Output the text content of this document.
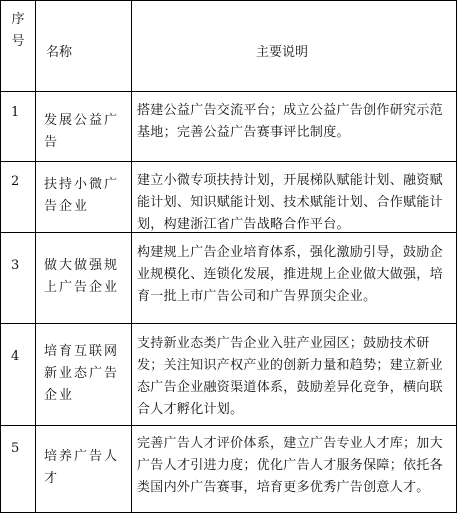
序
号
名称	主要说明
1
发展公益广告
搭建公益广告交流平台；成立公益广告创作研究示范基地；完善公益广告赛事评比制度。
2 扶持小微广告企业
建立小微专项扶持计划，开展梯队赋能计划、融资赋能计划、知识赋能计划、技术赋能计划、合作赋能计划，构建浙江省广告战略合作平台。
3 做大做强规上广告企业
构建规上广告企业培育体系，强化激励引导，鼓励企业规模化、连锁化发展，推进规上企业做大做强，培育一批上市广告公司和广告界顶尖企业。
4 培育互联网新业态广告企业
支持新业态类广告企业入驻产业园区；鼓励技术研发；关注知识产权产业的创新力量和趋势；建立新业态广告企业融资渠道体系，鼓励差异化竞争，横向联合人才孵化计划。
5
培养广告人才
完善广告人才评价体系，建立广告专业人才库；加大广告人才引进力度；优化广告人才服务保障；依托各类国内外广告赛事，培育更多优秀广告创意人才。
